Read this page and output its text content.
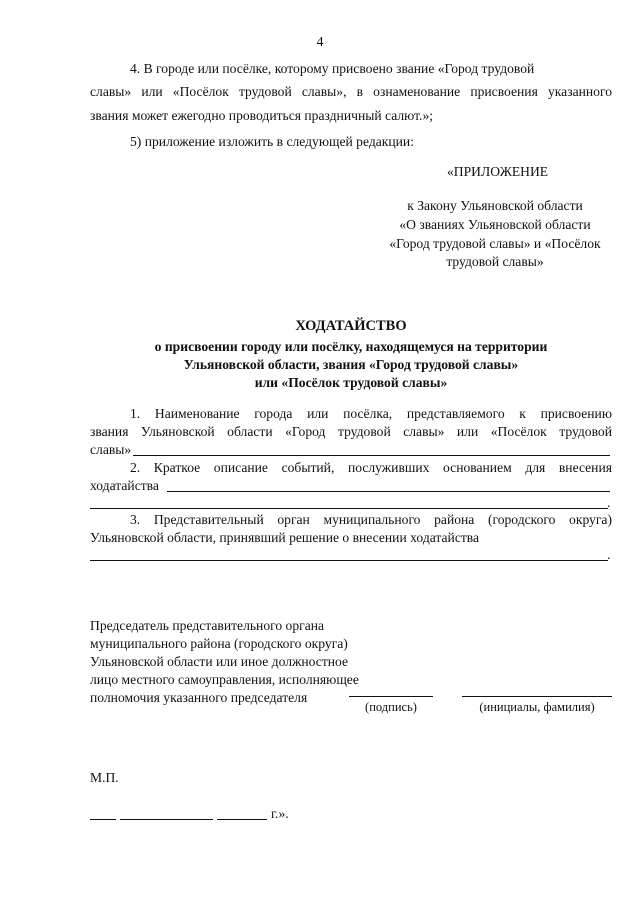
4
4. В городе или посёлке, которому присвоено звание «Город трудовой
славы» или «Посёлок трудовой славы», в ознаменование присвоения указанного
звания может ежегодно проводиться праздничный салют.»;
5) приложение изложить в следующей редакции:
«ПРИЛОЖЕНИЕ
к Закону Ульяновской области
«О званиях Ульяновской области
«Город трудовой славы» и «Посёлок
трудовой славы»
ХОДАТАЙСТВО
о присвоении городу или посёлку, находящемуся на территории
Ульяновской области, звания «Город трудовой славы»
или «Посёлок трудовой славы»
1. Наименование города или посёлка, представляемого к присвоению
звания Ульяновской области «Город трудовой славы» или «Посёлок трудовой
славы»
2. Краткое описание событий, послуживших основанием для внесения
ходатайства
.
3. Представительный орган муниципального района (городского округа)
Ульяновской области, принявший решение о внесении ходатайства
.
Председатель представительного органа
муниципального района (городского округа)
Ульяновской области или иное должностное
лицо местного самоуправления, исполняющее
полномочия указанного председателя
(подпись)	(инициалы, фамилия)
М.П.
г.».
